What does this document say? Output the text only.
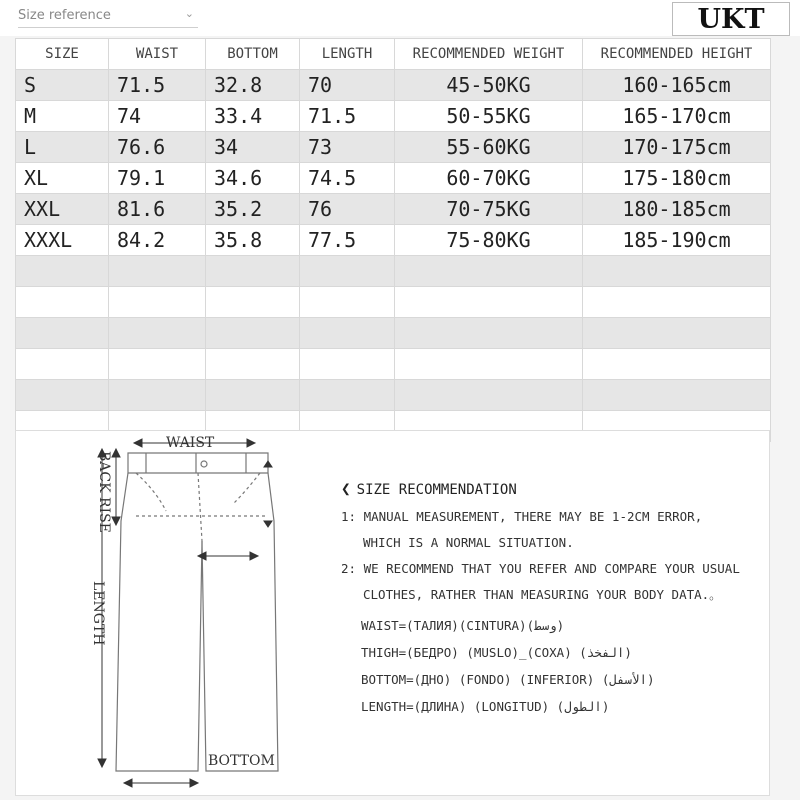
Size reference	⌄	UKT
SIZE	WAIST	BOTTOM	LENGTH	RECOMMENDED WEIGHT	RECOMMENDED HEIGHT
S	71.5	32.8	70	45-50KG	160-165cm
M	74	33.4	71.5	50-55KG	165-170cm
L	76.6	34	73	55-60KG	170-175cm
XL	79.1	34.6	74.5	60-70KG	175-180cm
XXL	81.6	35.2	76	70-75KG	180-185cm
XXXL	84.2	35.8	77.5	75-80KG	185-190cm

WAIST
BACK RISE
LENGTH
BOTTOM
❮ SIZE RECOMMENDATION
1: MANUAL MEASUREMENT, THERE MAY BE 1-2CM ERROR,
WHICH IS A NORMAL SITUATION.
2: WE RECOMMEND THAT YOU REFER AND COMPARE YOUR USUAL
CLOTHES, RATHER THAN MEASURING YOUR BODY DATA.。
WAIST=(ТАЛИЯ)(CINTURA)(وسط)
THIGH=(БЕДРО) (MUSLO)_(COXA) (الفخذ)
BOTTOM=(ДНО) (FONDO) (INFERIOR) (الأسفل)
LENGTH=(ДЛИНА) (LONGITUD) (الطول)
